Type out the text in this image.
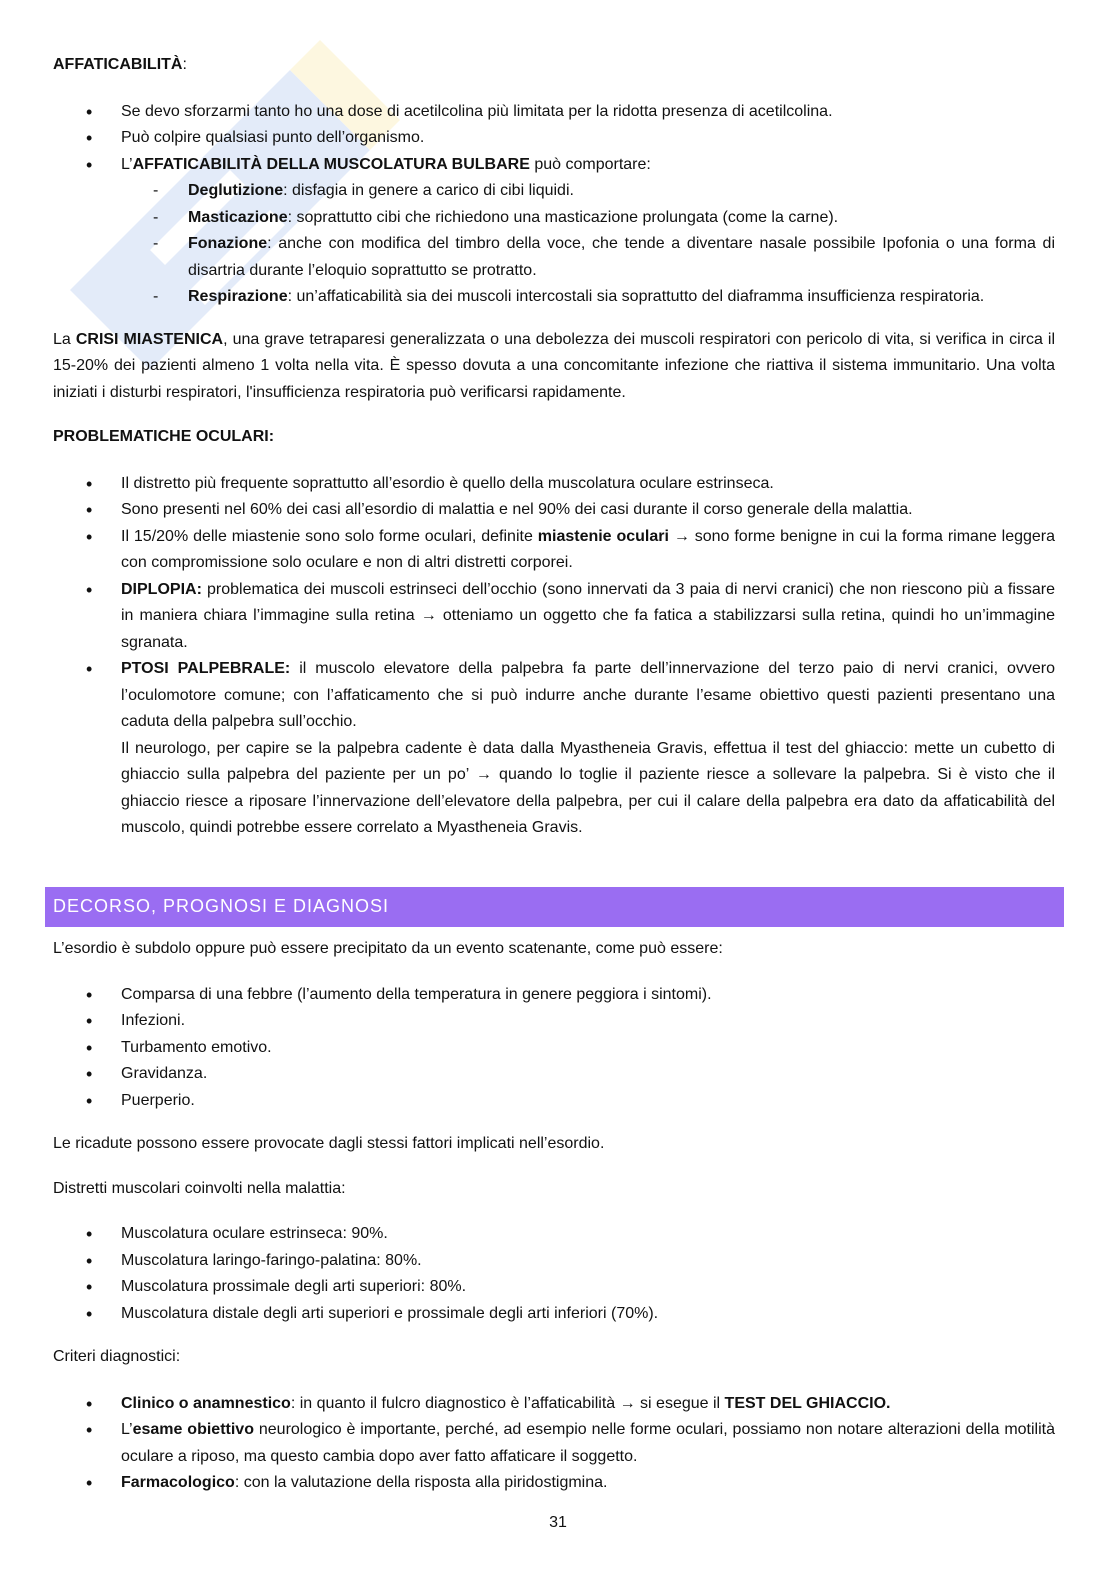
AFFATICABILITÀ:

• Se devo sforzarmi tanto ho una dose di acetilcolina più limitata per la ridotta presenza di acetilcolina.
• Può colpire qualsiasi punto dell’organismo.
• L’AFFATICABILITÀ DELLA MUSCOLATURA BULBARE può comportare:
- Deglutizione: disfagia in genere a carico di cibi liquidi.
- Masticazione: soprattutto cibi che richiedono una masticazione prolungata (come la carne).
- Fonazione: anche con modifica del timbro della voce, che tende a diventare nasale possibile Ipofonia o una forma di disartria durante l’eloquio soprattutto se protratto.
- Respirazione: un’affaticabilità sia dei muscoli intercostali sia soprattutto del diaframma insufficienza respiratoria.

La CRISI MIASTENICA, una grave tetraparesi generalizzata o una debolezza dei muscoli respiratori con pericolo di vita, si verifica in circa il 15-20% dei pazienti almeno 1 volta nella vita. È spesso dovuta a una concomitante infezione che riattiva il sistema immunitario. Una volta iniziati i disturbi respiratori, l'insufficienza respiratoria può verificarsi rapidamente.

PROBLEMATICHE OCULARI:

• Il distretto più frequente soprattutto all’esordio è quello della muscolatura oculare estrinseca.
• Sono presenti nel 60% dei casi all’esordio di malattia e nel 90% dei casi durante il corso generale della malattia.
• Il 15/20% delle miastenie sono solo forme oculari, definite miastenie oculari → sono forme benigne in cui la forma rimane leggera con compromissione solo oculare e non di altri distretti corporei.
• DIPLOPIA: problematica dei muscoli estrinseci dell’occhio (sono innervati da 3 paia di nervi cranici) che non riescono più a fissare in maniera chiara l’immagine sulla retina → otteniamo un oggetto che fa fatica a stabilizzarsi sulla retina, quindi ho un’immagine sgranata.
• PTOSI PALPEBRALE: il muscolo elevatore della palpebra fa parte dell’innervazione del terzo paio di nervi cranici, ovvero l’oculomotore comune; con l’affaticamento che si può indurre anche durante l’esame obiettivo questi pazienti presentano una caduta della palpebra sull’occhio.
Il neurologo, per capire se la palpebra cadente è data dalla Myastheneia Gravis, effettua il test del ghiaccio: mette un cubetto di ghiaccio sulla palpebra del paziente per un po’ → quando lo toglie il paziente riesce a sollevare la palpebra. Si è visto che il ghiaccio riesce a riposare l’innervazione dell’elevatore della palpebra, per cui il calare della palpebra era dato da affaticabilità del muscolo, quindi potrebbe essere correlato a Myastheneia Gravis.
DECORSO, PROGNOSI E DIAGNOSI

L’esordio è subdolo oppure può essere precipitato da un evento scatenante, come può essere:

• Comparsa di una febbre (l’aumento della temperatura in genere peggiora i sintomi).
• Infezioni.
• Turbamento emotivo.
• Gravidanza.
• Puerperio.

Le ricadute possono essere provocate dagli stessi fattori implicati nell’esordio.

Distretti muscolari coinvolti nella malattia:

• Muscolatura oculare estrinseca: 90%.
• Muscolatura laringo-faringo-palatina: 80%.
• Muscolatura prossimale degli arti superiori: 80%.
• Muscolatura distale degli arti superiori e prossimale degli arti inferiori (70%).

Criteri diagnostici:

• Clinico o anamnestico: in quanto il fulcro diagnostico è l’affaticabilità → si esegue il TEST DEL GHIACCIO.
• L’esame obiettivo neurologico è importante, perché, ad esempio nelle forme oculari, possiamo non notare alterazioni della motilità oculare a riposo, ma questo cambia dopo aver fatto affaticare il soggetto.
• Farmacologico: con la valutazione della risposta alla piridostigmina.
31
